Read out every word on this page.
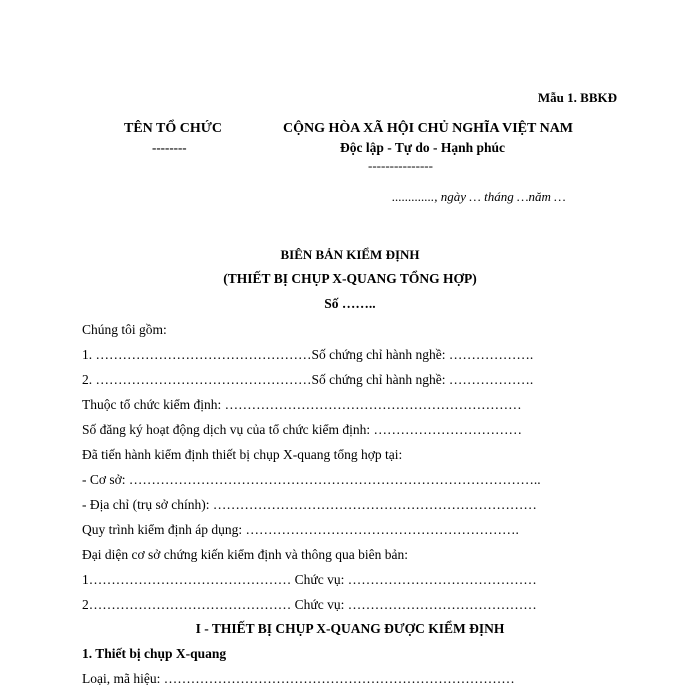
Mẫu 1. BBKĐ
TÊN TỔ CHỨC
--------
CỘNG HÒA XÃ HỘI CHỦ NGHĨA VIỆT NAM
Độc lập - Tự do - Hạnh phúc
---------------
............., ngày … tháng …năm …
BIÊN BẢN KIỂM ĐỊNH
(THIẾT BỊ CHỤP X-QUANG TỔNG HỢP)
Số ……..
Chúng tôi gồm:
1. …………………………………………Số chứng chỉ hành nghề: ……………….
2. …………………………………………Số chứng chỉ hành nghề: ……………….
Thuộc tổ chức kiểm định: …………………………………………………………
Số đăng ký hoạt động dịch vụ của tổ chức kiểm định: ……………………………
Đã tiến hành kiểm định thiết bị chụp X-quang tổng hợp tại:
- Cơ sở: ………………………………………………………………………………..
- Địa chỉ (trụ sở chính): ………………………………………………………………
Quy trình kiểm định áp dụng: …………………………………………………….
Đại diện cơ sở chứng kiến kiểm định và thông qua biên bản:
1……………………………………… Chức vụ: ……………………………………
2……………………………………… Chức vụ: ……………………………………
I - THIẾT BỊ CHỤP X-QUANG ĐƯỢC KIỂM ĐỊNH
1. Thiết bị chụp X-quang
Loại, mã hiệu: ……………………………………………………………………
